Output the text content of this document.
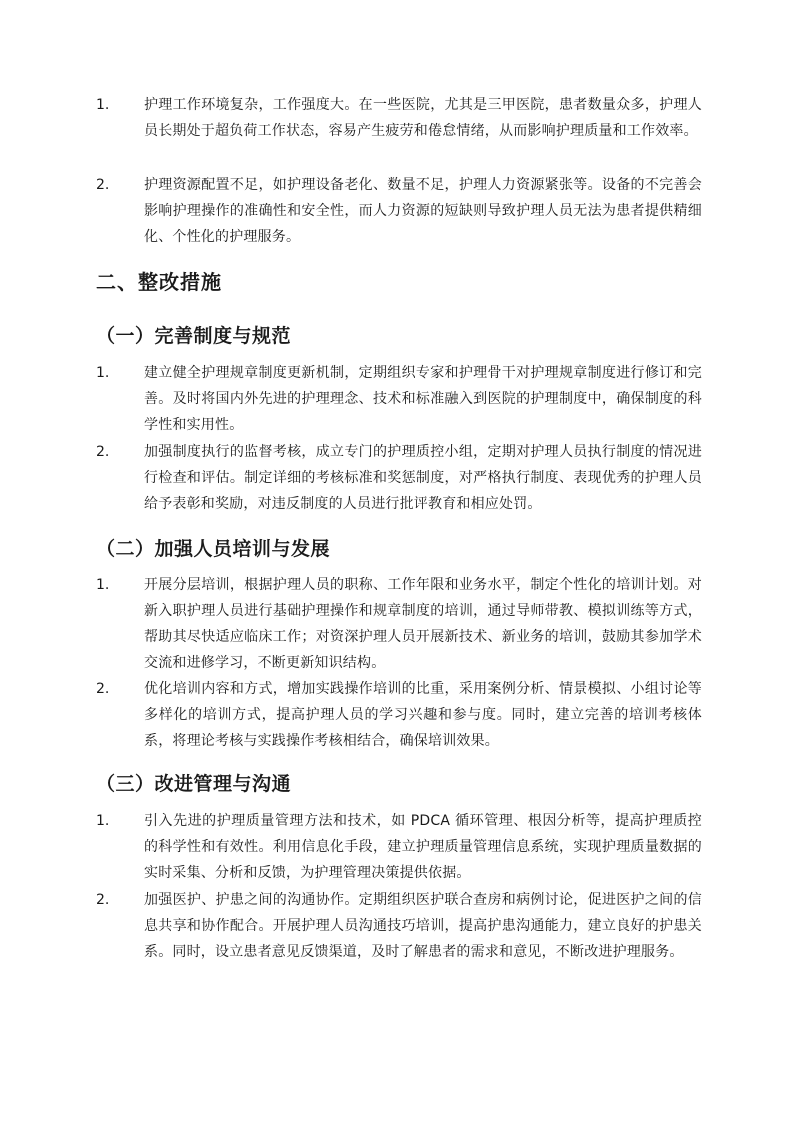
1. 护理工作环境复杂，工作强度大。在一些医院，尤其是三甲医院，患者数量众多，护理人员长期处于超负荷工作状态，容易产生疲劳和倦怠情绪，从而影响护理质量和工作效率。
2. 护理资源配置不足，如护理设备老化、数量不足，护理人力资源紧张等。设备的不完善会影响护理操作的准确性和安全性，而人力资源的短缺则导致护理人员无法为患者提供精细化、个性化的护理服务。
二、整改措施
（一）完善制度与规范
1. 建立健全护理规章制度更新机制，定期组织专家和护理骨干对护理规章制度进行修订和完善。及时将国内外先进的护理理念、技术和标准融入到医院的护理制度中，确保制度的科学性和实用性。
2. 加强制度执行的监督考核，成立专门的护理质控小组，定期对护理人员执行制度的情况进行检查和评估。制定详细的考核标准和奖惩制度，对严格执行制度、表现优秀的护理人员给予表彰和奖励，对违反制度的人员进行批评教育和相应处罚。
（二）加强人员培训与发展
1. 开展分层培训，根据护理人员的职称、工作年限和业务水平，制定个性化的培训计划。对新入职护理人员进行基础护理操作和规章制度的培训，通过导师带教、模拟训练等方式，帮助其尽快适应临床工作；对资深护理人员开展新技术、新业务的培训，鼓励其参加学术交流和进修学习，不断更新知识结构。
2. 优化培训内容和方式，增加实践操作培训的比重，采用案例分析、情景模拟、小组讨论等多样化的培训方式，提高护理人员的学习兴趣和参与度。同时，建立完善的培训考核体系，将理论考核与实践操作考核相结合，确保培训效果。
（三）改进管理与沟通
1. 引入先进的护理质量管理方法和技术，如 PDCA 循环管理、根因分析等，提高护理质控的科学性和有效性。利用信息化手段，建立护理质量管理信息系统，实现护理质量数据的实时采集、分析和反馈，为护理管理决策提供依据。
2. 加强医护、护患之间的沟通协作。定期组织医护联合查房和病例讨论，促进医护之间的信息共享和协作配合。开展护理人员沟通技巧培训，提高护患沟通能力，建立良好的护患关系。同时，设立患者意见反馈渠道，及时了解患者的需求和意见，不断改进护理服务。
